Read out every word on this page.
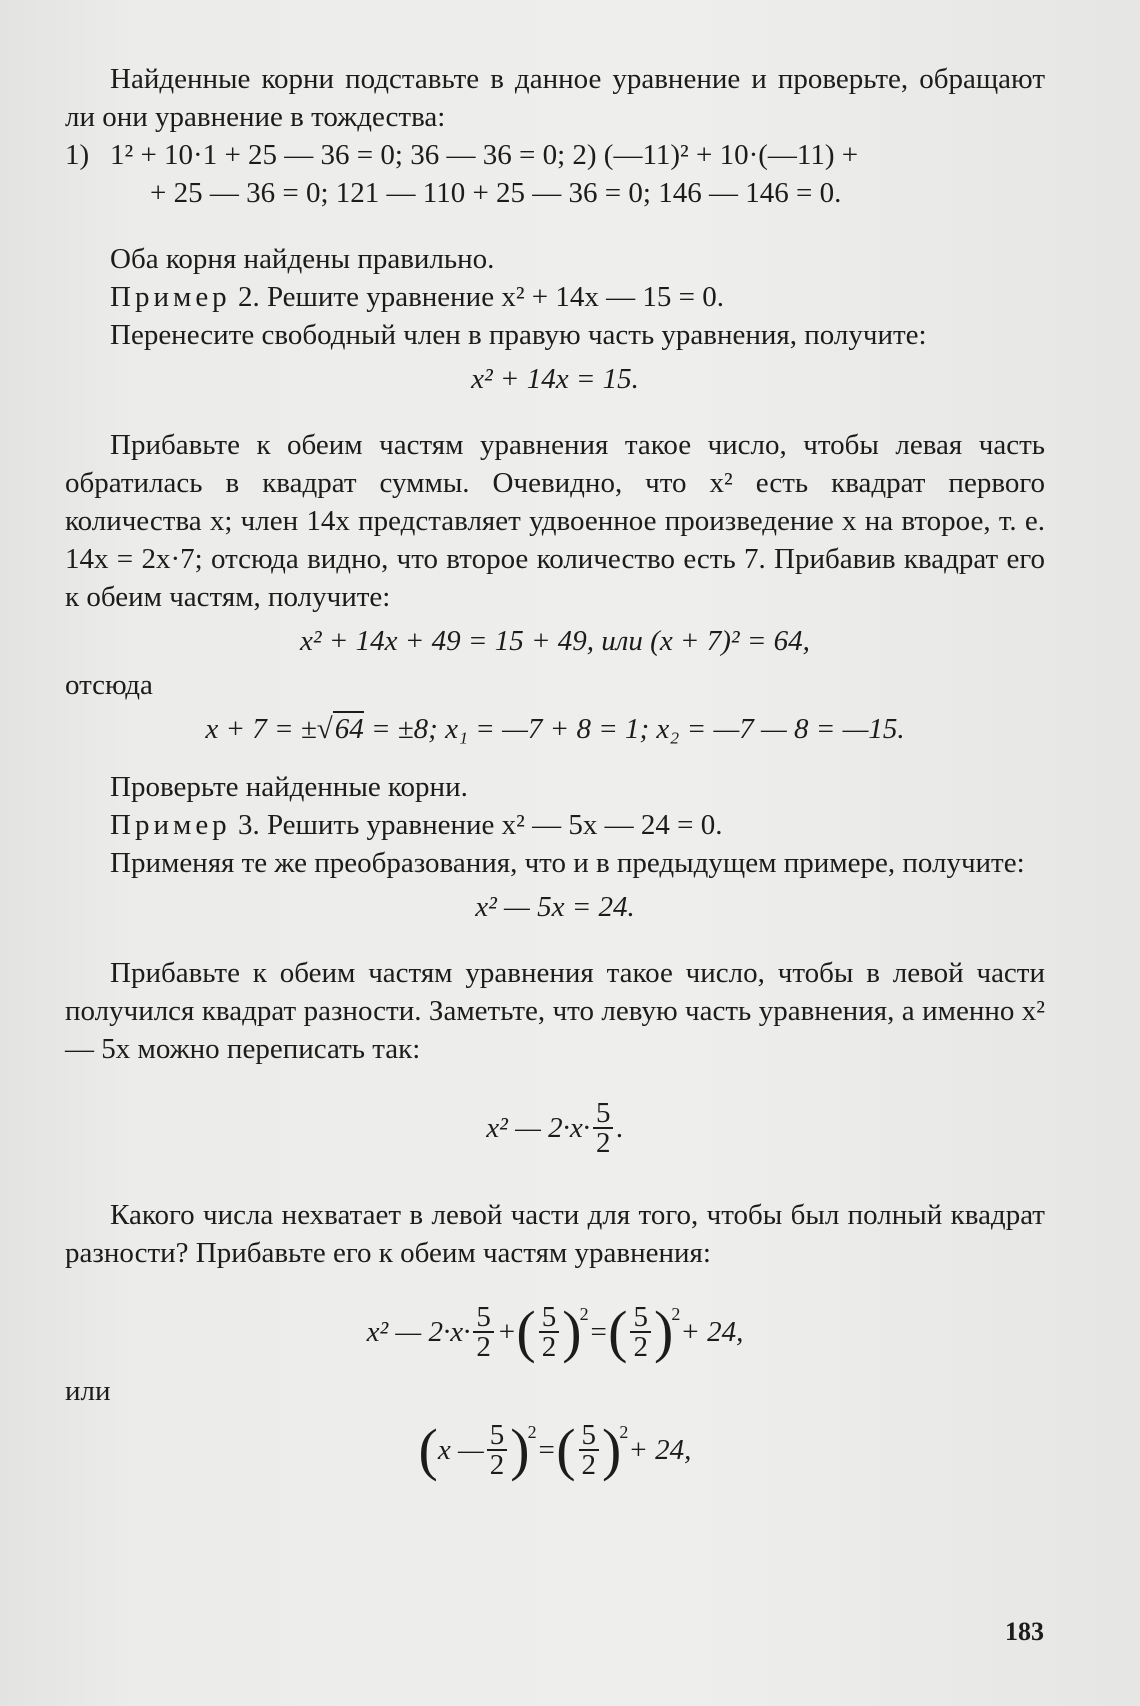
Найденные корни подставьте в данное уравнение и проверьте, обращают ли они уравнение в тождества:

1) 1² + 10·1 + 25 — 36 = 0; 36 — 36 = 0; 2) (—11)² + 10·(—11) +
+ 25 — 36 = 0; 121 — 110 + 25 — 36 = 0; 146 — 146 = 0.

Оба корня найдены правильно.

Пример 2. Решите уравнение x² + 14x — 15 = 0.

Перенесите свободный член в правую часть уравнения, получите:

x² + 14x = 15.

Прибавьте к обеим частям уравнения такое число, чтобы левая часть обратилась в квадрат суммы. Очевидно, что x² есть квадрат первого количества x; член 14x представляет удвоенное произведение x на второе, т. е. 14x = 2x·7; отсюда видно, что второе количество есть 7. Прибавив квадрат его к обеим частям, получите:

x² + 14x + 49 = 15 + 49, или (x + 7)² = 64,

отсюда

x + 7 = ±√64 = ±8; x₁ = —7 + 8 = 1; x₂ = —7 — 8 = —15.

Проверьте найденные корни.

Пример 3. Решить уравнение x² — 5x — 24 = 0.

Применяя те же преобразования, что и в предыдущем примере, получите:

x² — 5x = 24.

Прибавьте к обеим частям уравнения такое число, чтобы в левой части получился квадрат разности. Заметьте, что левую часть уравнения, а именно x² — 5x можно переписать так:

x² — $2\cdot x\cdot \frac{5}{2}$ .

Какого числа нехватает в левой части для того, чтобы был полный квадрат разности? Прибавьте его к обеим частям уравнения:

x² — $2\cdot x\cdot \frac{5}{2}$ + ( $\frac{5}{2}$ )
2
= ( $\frac{5}{2}$ )
2
+ 24,

или

( x — $\frac{5}{2}$ )
2
= ( $\frac{5}{2}$ )
2
+ 24,
183
